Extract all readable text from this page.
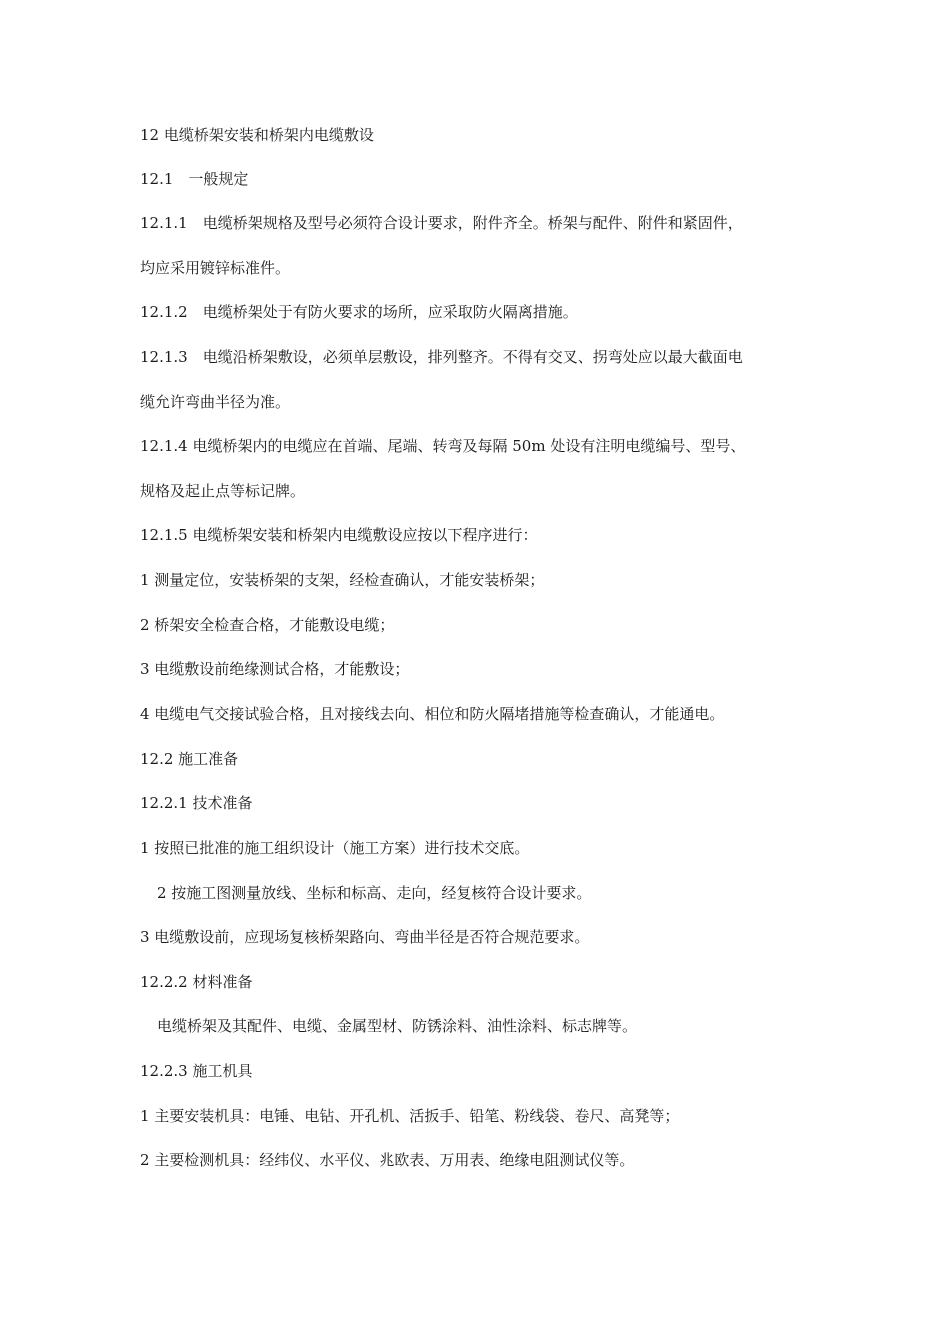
12 电缆桥架安装和桥架内电缆敷设

12.1　一般规定

12.1.1　电缆桥架规格及型号必须符合设计要求，附件齐全。桥架与配件、附件和紧固件，

均应采用镀锌标准件。

12.1.2　电缆桥架处于有防火要求的场所，应采取防火隔离措施。

12.1.3　电缆沿桥架敷设，必须单层敷设，排列整齐。不得有交叉、拐弯处应以最大截面电

缆允许弯曲半径为准。

12.1.4 电缆桥架内的电缆应在首端、尾端、转弯及每隔 50m 处设有注明电缆编号、型号、

规格及起止点等标记牌。

12.1.5 电缆桥架安装和桥架内电缆敷设应按以下程序进行：

1 测量定位，安装桥架的支架，经检查确认，才能安装桥架；

2 桥架安全检查合格，才能敷设电缆；

3 电缆敷设前绝缘测试合格，才能敷设；

4 电缆电气交接试验合格，且对接线去向、相位和防火隔堵措施等检查确认，才能通电。

12.2 施工准备

12.2.1 技术准备

1 按照已批准的施工组织设计（施工方案）进行技术交底。

2 按施工图测量放线、坐标和标高、走向，经复核符合设计要求。

3 电缆敷设前，应现场复核桥架路向、弯曲半径是否符合规范要求。

12.2.2 材料准备

电缆桥架及其配件、电缆、金属型材、防锈涂料、油性涂料、标志牌等。

12.2.3 施工机具

1 主要安装机具：电锤、电钻、开孔机、活扳手、铅笔、粉线袋、卷尺、高凳等；

2 主要检测机具：经纬仪、水平仪、兆欧表、万用表、绝缘电阻测试仪等。
